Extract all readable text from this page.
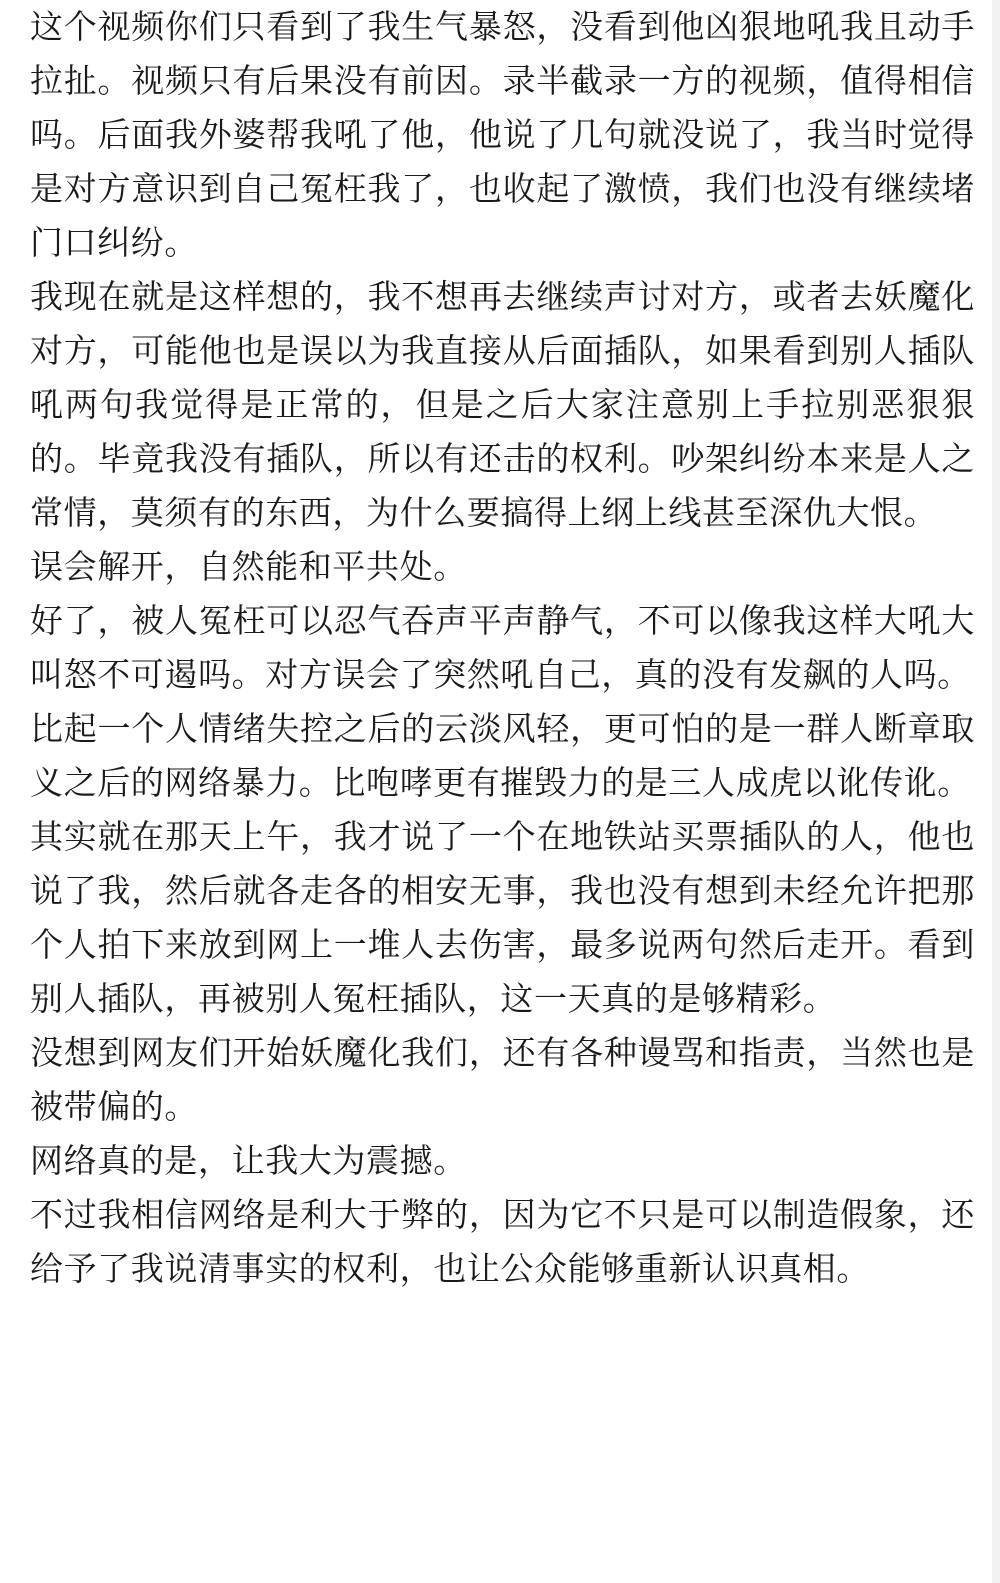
这个视频你们只看到了我生气暴怒，没看到他凶狠地吼我且动手拉扯。视频只有后果没有前因。录半截录一方的视频，值得相信吗。后面我外婆帮我吼了他，他说了几句就没说了，我当时觉得是对方意识到自己冤枉我了，也收起了激愤，我们也没有继续堵门口纠纷。

我现在就是这样想的，我不想再去继续声讨对方，或者去妖魔化对方，可能他也是误以为我直接从后面插队，如果看到别人插队吼两句我觉得是正常的，但是之后大家注意别上手拉别恶狠狠的。毕竟我没有插队，所以有还击的权利。吵架纠纷本来是人之常情，莫须有的东西，为什么要搞得上纲上线甚至深仇大恨。

误会解开，自然能和平共处。

好了，被人冤枉可以忍气吞声平声静气，不可以像我这样大吼大叫怒不可遏吗。对方误会了突然吼自己，真的没有发飙的人吗。

比起一个人情绪失控之后的云淡风轻，更可怕的是一群人断章取义之后的网络暴力。比咆哮更有摧毁力的是三人成虎以讹传讹。

其实就在那天上午，我才说了一个在地铁站买票插队的人，他也说了我，然后就各走各的相安无事，我也没有想到未经允许把那个人拍下来放到网上一堆人去伤害，最多说两句然后走开。看到别人插队，再被别人冤枉插队，这一天真的是够精彩。

没想到网友们开始妖魔化我们，还有各种谩骂和指责，当然也是被带偏的。

网络真的是，让我大为震撼。

不过我相信网络是利大于弊的，因为它不只是可以制造假象，还给予了我说清事实的权利，也让公众能够重新认识真相。
